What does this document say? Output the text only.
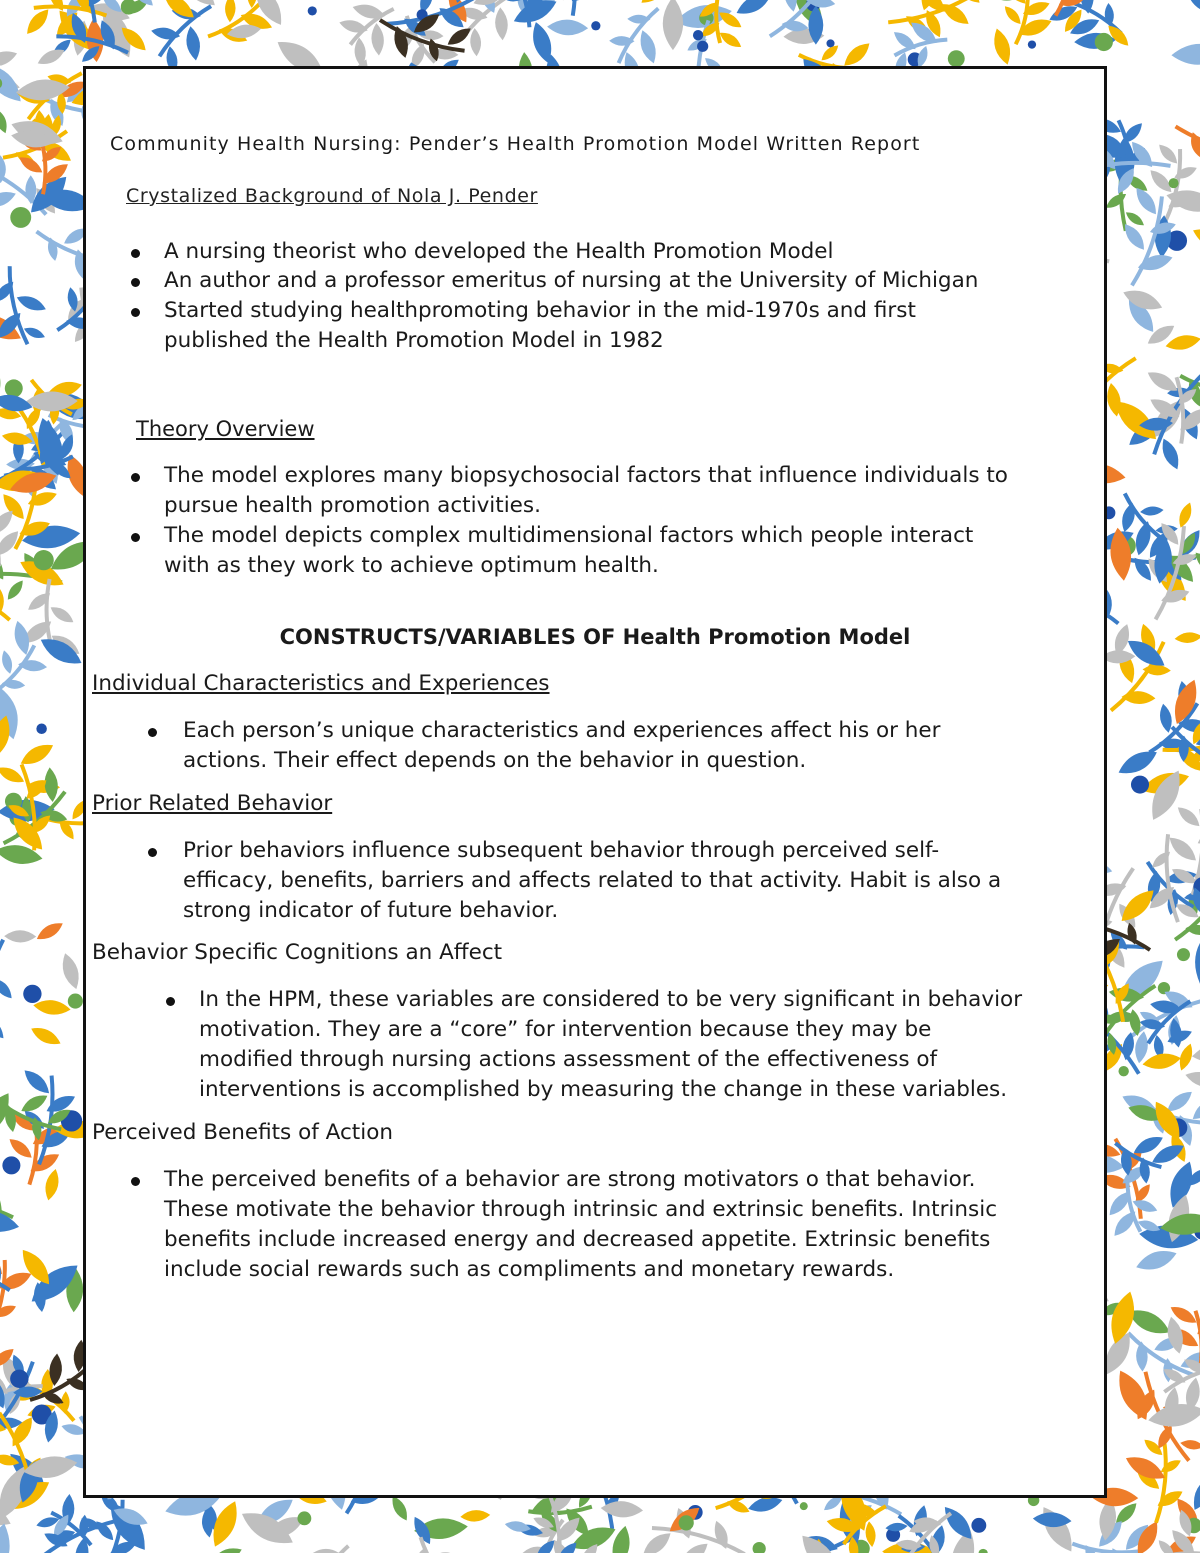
Community Health Nursing: Pender’s Health Promotion Model Written Report
Crystalized Background of Nola J. Pender
A nursing theorist who developed the Health Promotion Model
An author and a professor emeritus of nursing at the University of Michigan
Started studying healthpromoting behavior in the mid-1970s and first
published the Health Promotion Model in 1982
Theory Overview
The model explores many biopsychosocial factors that influence individuals to
pursue health promotion activities.
The model depicts complex multidimensional factors which people interact
with as they work to achieve optimum health.
CONSTRUCTS/VARIABLES OF Health Promotion Model
Individual Characteristics and Experiences
Each person’s unique characteristics and experiences affect his or her
actions. Their effect depends on the behavior in question.
Prior Related Behavior
Prior behaviors influence subsequent behavior through perceived self-
efficacy, benefits, barriers and affects related to that activity. Habit is also a
strong indicator of future behavior.
Behavior Specific Cognitions an Affect
In the HPM, these variables are considered to be very significant in behavior
motivation. They are a “core” for intervention because they may be
modified through nursing actions assessment of the effectiveness of
interventions is accomplished by measuring the change in these variables.
Perceived Benefits of Action
The perceived benefits of a behavior are strong motivators o that behavior.
These motivate the behavior through intrinsic and extrinsic benefits. Intrinsic
benefits include increased energy and decreased appetite. Extrinsic benefits
include social rewards such as compliments and monetary rewards.
